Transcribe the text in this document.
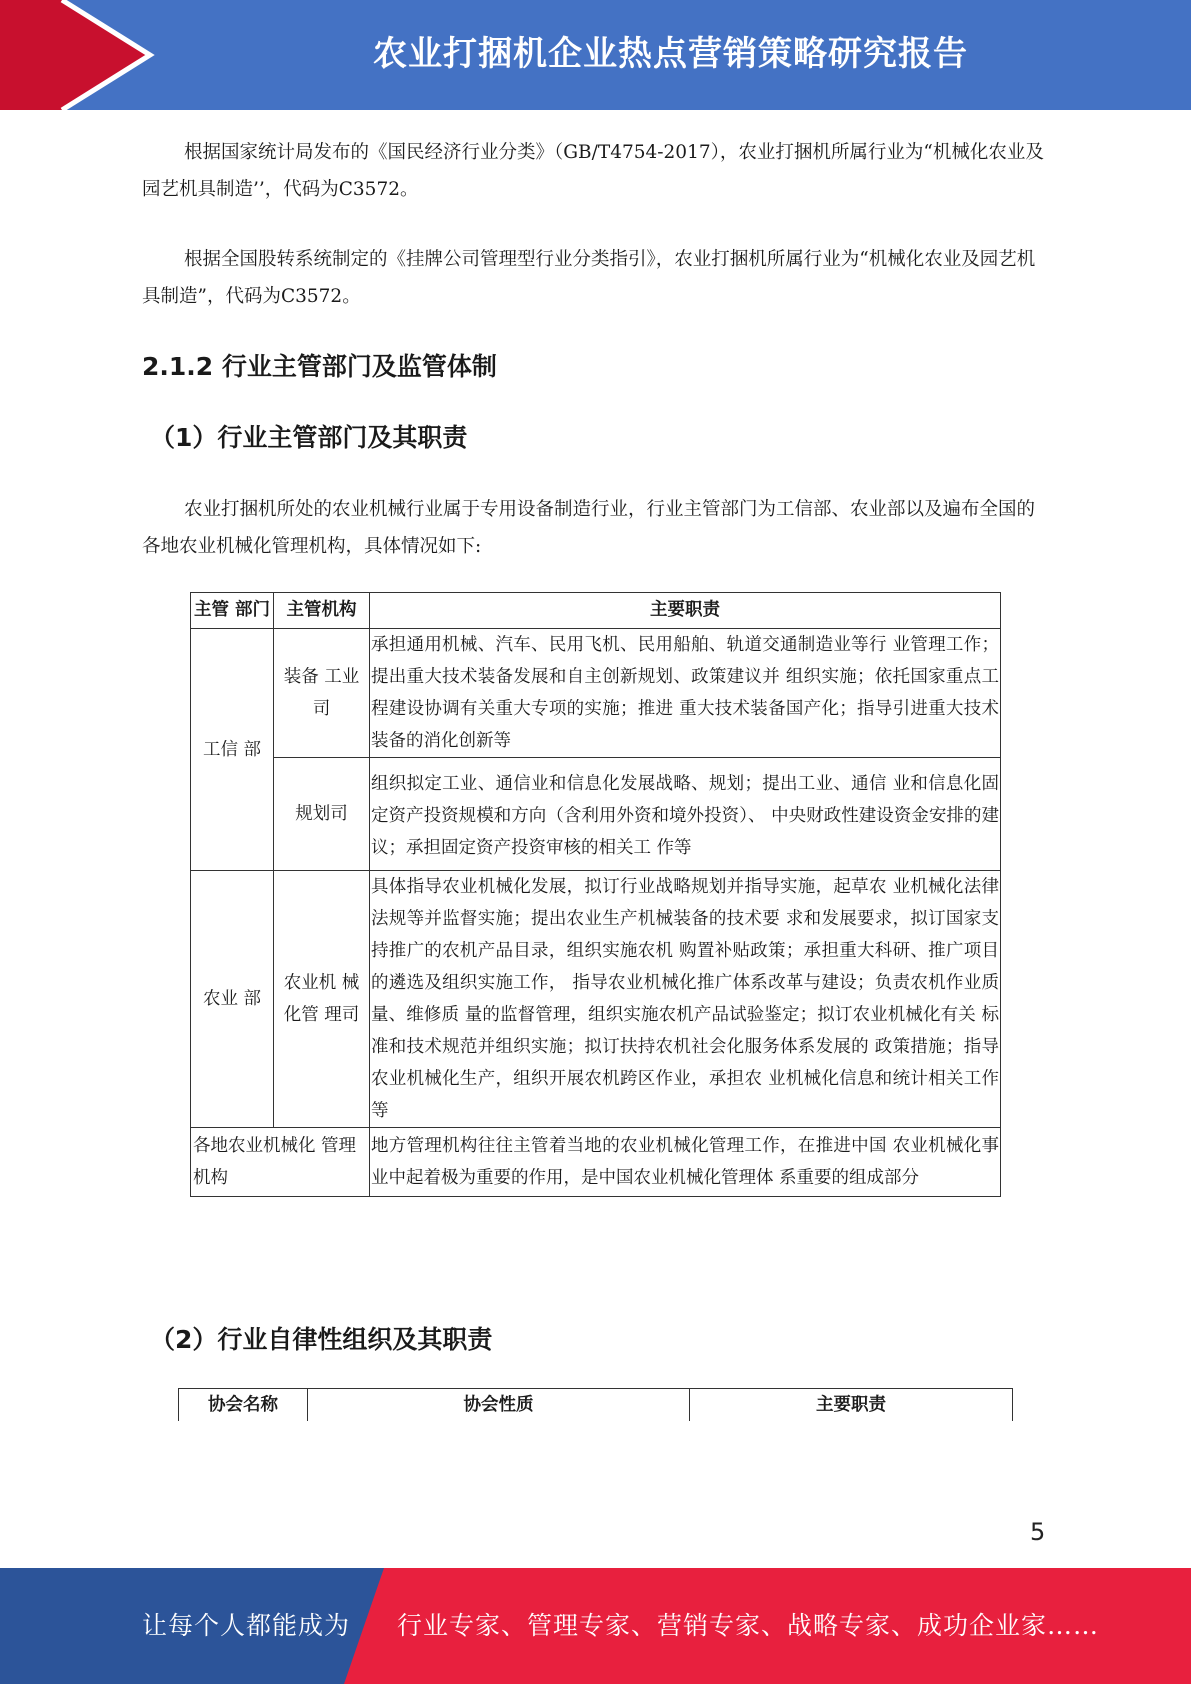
农业打捆机企业热点营销策略研究报告

根据国家统计局发布的《国民经济行业分类》（GB/T4754-2017），农业打捆机所属行业为“机械化农业及园艺机具制造’’，代码为C3572。

根据全国股转系统制定的《挂牌公司管理型行业分类指引》，农业打捆机所属行业为“机械化农业及园艺机具制造”，代码为C3572。

2.1.2 行业主管部门及监管体制
（1）行业主管部门及其职责

农业打捆机所处的农业机械行业属于专用设备制造行业，行业主管部门为工信部、农业部以及遍布全国的各地农业机械化管理机构，具体情况如下:

主管 部门	主管机构	主要职责
工信 部	装备 工业司	承担通用机械、汽车、民用飞机、民用船舶、轨道交通制造业等行 业管理工作；提出重大技术装备发展和自主创新规划、政策建议并 组织实施；依托国家重点工程建设协调有关重大专项的实施；推进 重大技术装备国产化；指导引进重大技术装备的消化创新等
	规划司	组织拟定工业、通信业和信息化发展战略、规划；提出工业、通信 业和信息化固定资产投资规模和方向（含利用外资和境外投资）、 中央财政性建设资金安排的建议；承担固定资产投资审核的相关工 作等
农业 部	农业机 械化管 理司	具体指导农业机械化发展，拟订行业战略规划并指导实施，起草农 业机械化法律法规等并监督实施；提出农业生产机械装备的技术要 求和发展要求，拟订国家支持推广的农机产品目录，组织实施农机 购置补贴政策；承担重大科研、推广项目的遴选及组织实施工作， 指导农业机械化推广体系改革与建设；负责农机作业质量、维修质 量的监督管理，组织实施农机产品试验鉴定；拟订农业机械化有关 标准和技术规范并组织实施；拟订扶持农机社会化服务体系发展的 政策措施；指导农业机械化生产，组织开展农机跨区作业，承担农 业机械化信息和统计相关工作等
各地农业机械化 管理机构		地方管理机构往往主管着当地的农业机械化管理工作，在推进中国 农业机械化事业中起着极为重要的作用，是中国农业机械化管理体 系重要的组成部分
（2）行业自律性组织及其职责
协会名称	协会性质	主要职责
5
让每个人都能成为 行业专家、管理专家、营销专家、战略专家、成功企业家……
